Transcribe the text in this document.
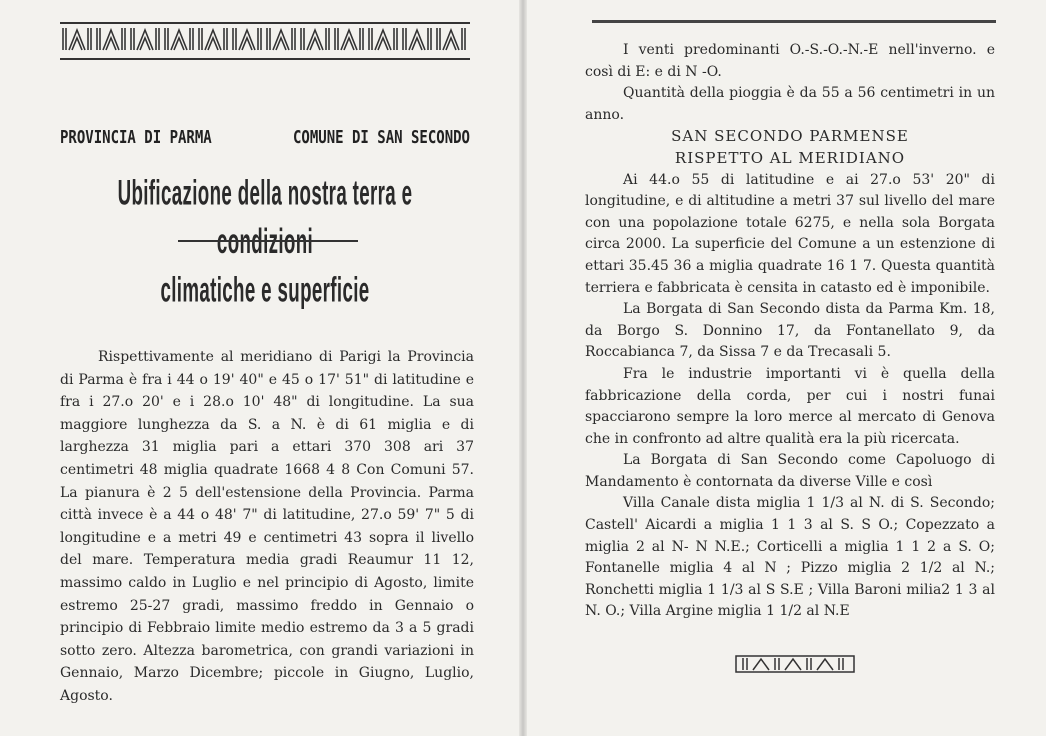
PROVINCIA DI PARMA	COMUNE DI SAN SECONDO
Ubificazione della nostra terra e condizioni
climatiche e superficie
Rispettivamente al meridiano di Parigi la Provincia di Parma è fra i 44 o 19' 40" e 45 o 17' 51" di latitudine e fra i 27.o 20' e i 28.o 10' 48" di longitudine. La sua maggiore lunghezza da S. a N. è di 61 miglia e di larghezza 31 miglia pari a ettari 370 308 ari 37 centimetri 48 miglia quadrate 1668 4 8 Con Comuni 57. La pianura è 2 5 dell'estensione della Provincia. Parma città invece è a 44 o 48' 7" di latitudine, 27.o 59' 7" 5 di longitudine e a metri 49 e centimetri 43 sopra il livello del mare. Temperatura media gradi Reaumur 11 12, massimo caldo in Luglio e nel principio di Agosto, limite estremo 25-27 gradi, massimo freddo in Gennaio o principio di Febbraio limite medio estremo da 3 a 5 gradi sotto zero. Altezza barometrica, con grandi variazioni in Gennaio, Marzo Dicembre; piccole in Giugno, Luglio, Agosto.

I venti predominanti O.-S.-O.-N.-E nell'inverno. e così di E: e di N -O.

Quantità della pioggia è da 55 a 56 centimetri in un anno.

SAN SECONDO PARMENSE

RISPETTO AL MERIDIANO

Ai 44.o 55 di latitudine e ai 27.o 53' 20" di longitudine, e di altitudine a metri 37 sul livello del mare con una popolazione totale 6275, e nella sola Borgata circa 2000. La superficie del Comune a un estenzione di ettari 35.45 36 a miglia quadrate 16 1 7. Questa quantità terriera e fabbricata è censita in catasto ed è imponibile.

La Borgata di San Secondo dista da Parma Km. 18, da Borgo S. Donnino 17, da Fontanellato 9, da Roccabianca 7, da Sissa 7 e da Trecasali 5.

Fra le industrie importanti vi è quella della fabbricazione della corda, per cui i nostri funai spacciarono sempre la loro merce al mercato di Genova che in confronto ad altre qualità era la più ricercata.

La Borgata di San Secondo come Capoluogo di Mandamento è contornata da diverse Ville e così

Villa Canale dista miglia 1 1/3 al N. di S. Secondo; Castell' Aicardi a miglia 1 1 3 al S. S O.; Copezzato a miglia 2 al N- N N.E.; Corticelli a miglia 1 1 2 a S. O; Fontanelle miglia 4 al N ; Pizzo miglia 2 1/2 al N.; Ronchetti miglia 1 1/3 al S S.E ; Villa Baroni milia2 1 3 al N. O.; Villa Argine miglia 1 1/2 al N.E
